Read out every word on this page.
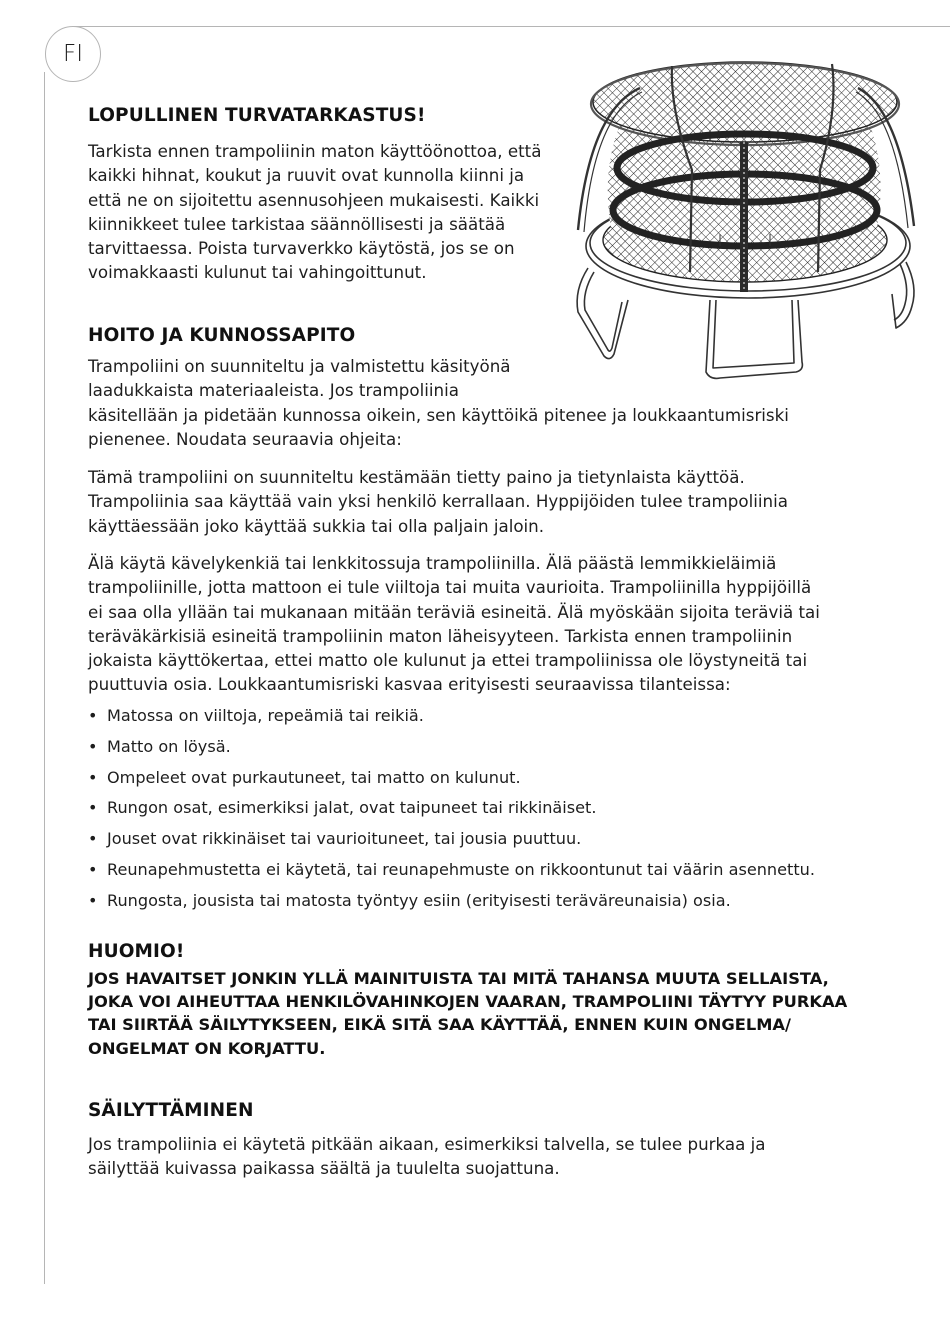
FI
LOPULLINEN TURVATARKASTUS!

Tarkista ennen trampoliinin maton käyttöönottoa, että
kaikki hihnat, koukut ja ruuvit ovat kunnolla kiinni ja
että ne on sijoitettu asennusohjeen mukaisesti. Kaikki
kiinnikkeet tulee tarkistaa säännöllisesti ja säätää
tarvittaessa. Poista turvaverkko käytöstä, jos se on
voimakkaasti kulunut tai vahingoittunut.

HOITO JA KUNNOSSAPITO

Trampoliini on suunniteltu ja valmistettu käsityönä
laadukkaista materiaaleista. Jos trampoliinia
käsitellään ja pidetään kunnossa oikein, sen käyttöikä pitenee ja loukkaantumisriski
pienenee. Noudata seuraavia ohjeita:

Tämä trampoliini on suunniteltu kestämään tietty paino ja tietynlaista käyttöä.
Trampoliinia saa käyttää vain yksi henkilö kerrallaan. Hyppijöiden tulee trampoliinia
käyttäessään joko käyttää sukkia tai olla paljain jaloin.

Älä käytä kävelykenkiä tai lenkkitossuja trampoliinilla. Älä päästä lemmikkieläimiä
trampoliinille, jotta mattoon ei tule viiltoja tai muita vaurioita. Trampoliinilla hyppijöillä
ei saa olla yllään tai mukanaan mitään teräviä esineitä. Älä myöskään sijoita teräviä tai
teräväkärkisiä esineitä trampoliinin maton läheisyyteen. Tarkista ennen trampoliinin
jokaista käyttökertaa, ettei matto ole kulunut ja ettei trampoliinissa ole löystyneitä tai
puuttuvia osia. Loukkaantumisriski kasvaa erityisesti seuraavissa tilanteissa:

• Matossa on viiltoja, repeämiä tai reikiä.
• Matto on löysä.
• Ompeleet ovat purkautuneet, tai matto on kulunut.
• Rungon osat, esimerkiksi jalat, ovat taipuneet tai rikkinäiset.
• Jouset ovat rikkinäiset tai vaurioituneet, tai jousia puuttuu.
• Reunapehmustetta ei käytetä, tai reunapehmuste on rikkoontunut tai väärin asennettu.
• Rungosta, jousista tai matosta työntyy esiin (erityisesti teräväreunaisia) osia.
HUOMIO!

JOS HAVAITSET JONKIN YLLÄ MAINITUISTA TAI MITÄ TAHANSA MUUTA SELLAISTA,
JOKA VOI AIHEUTTAA HENKILÖVAHINKOJEN VAARAN, TRAMPOLIINI TÄYTYY PURKAA
TAI SIIRTÄÄ SÄILYTYKSEEN, EIKÄ SITÄ SAA KÄYTTÄÄ, ENNEN KUIN ONGELMA/
ONGELMAT ON KORJATTU.

SÄILYTTÄMINEN

Jos trampoliinia ei käytetä pitkään aikaan, esimerkiksi talvella, se tulee purkaa ja
säilyttää kuivassa paikassa säältä ja tuulelta suojattuna.
